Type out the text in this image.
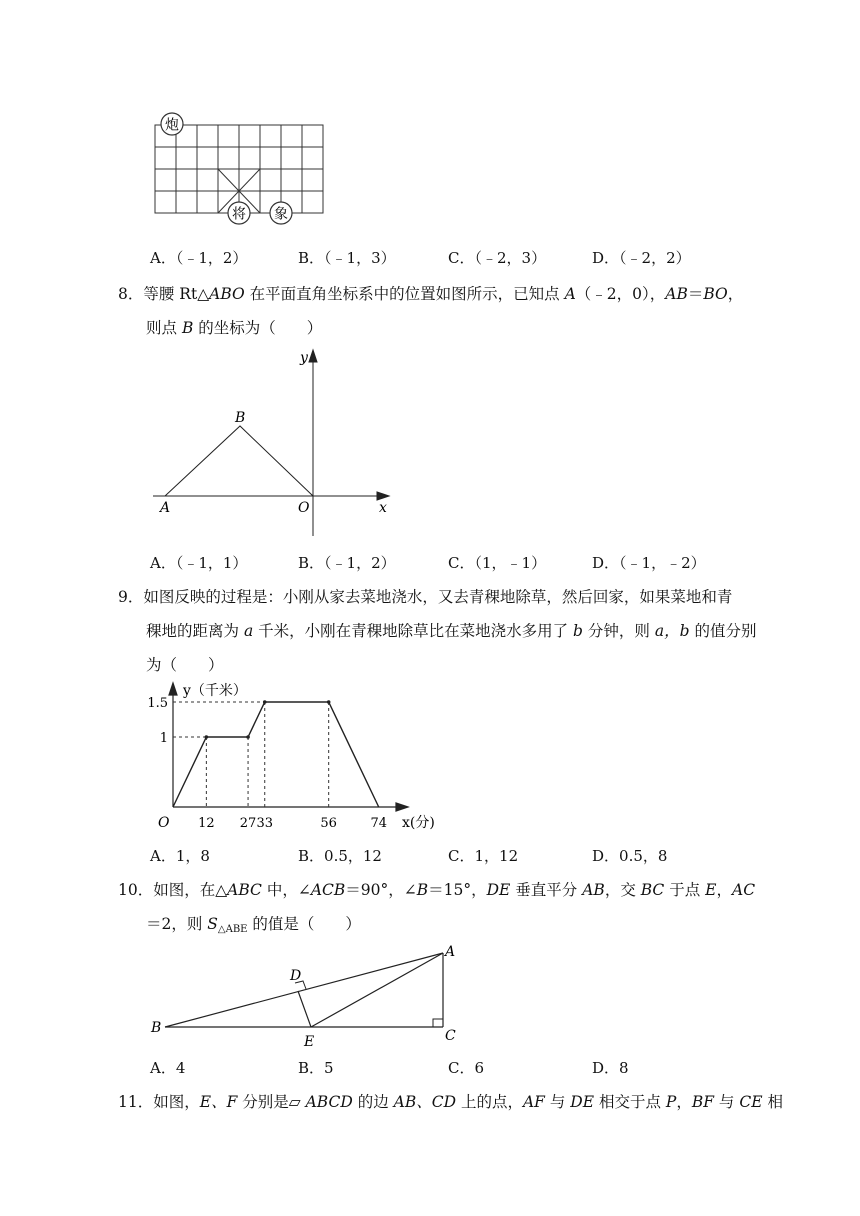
炮
将 象
A．（﹣1，2）	B．（﹣1，3）	C．（﹣2，3）	D．（﹣2，2）
8．等腰 Rt△ABO 在平面直角坐标系中的位置如图所示，已知点 A（﹣2，0），AB＝BO，
则点 B 的坐标为（　　）
y
x
B
A	O
A．（﹣1，1）	B．（﹣1，2）	C．（1，﹣1）	D．（﹣1，﹣2）
9．如图反映的过程是：小刚从家去菜地浇水，又去青稞地除草，然后回家，如果菜地和青
稞地的距离为 a 千米，小刚在青稞地除草比在菜地浇水多用了 b 分钟，则 a，b 的值分别
为（　　）
12 27 33	56	74
1
1.5
y（千米）
x(分)
O
A．1，8	B．0.5，12	C．1，12	D．0.5，8
10．如图，在△ABC 中，∠ACB＝90°，∠B＝15°，DE 垂直平分 AB，交 BC 于点 E，AC
＝2，则 $S_{\triangle ABE}$ 的值是（　　）
A
B	C
D
E
A．4	B．5	C．6	D．8
11．如图，E、F 分别是▱ ABCD 的边 AB、CD 上的点，AF 与 DE 相交于点 P，BF 与 CE 相
